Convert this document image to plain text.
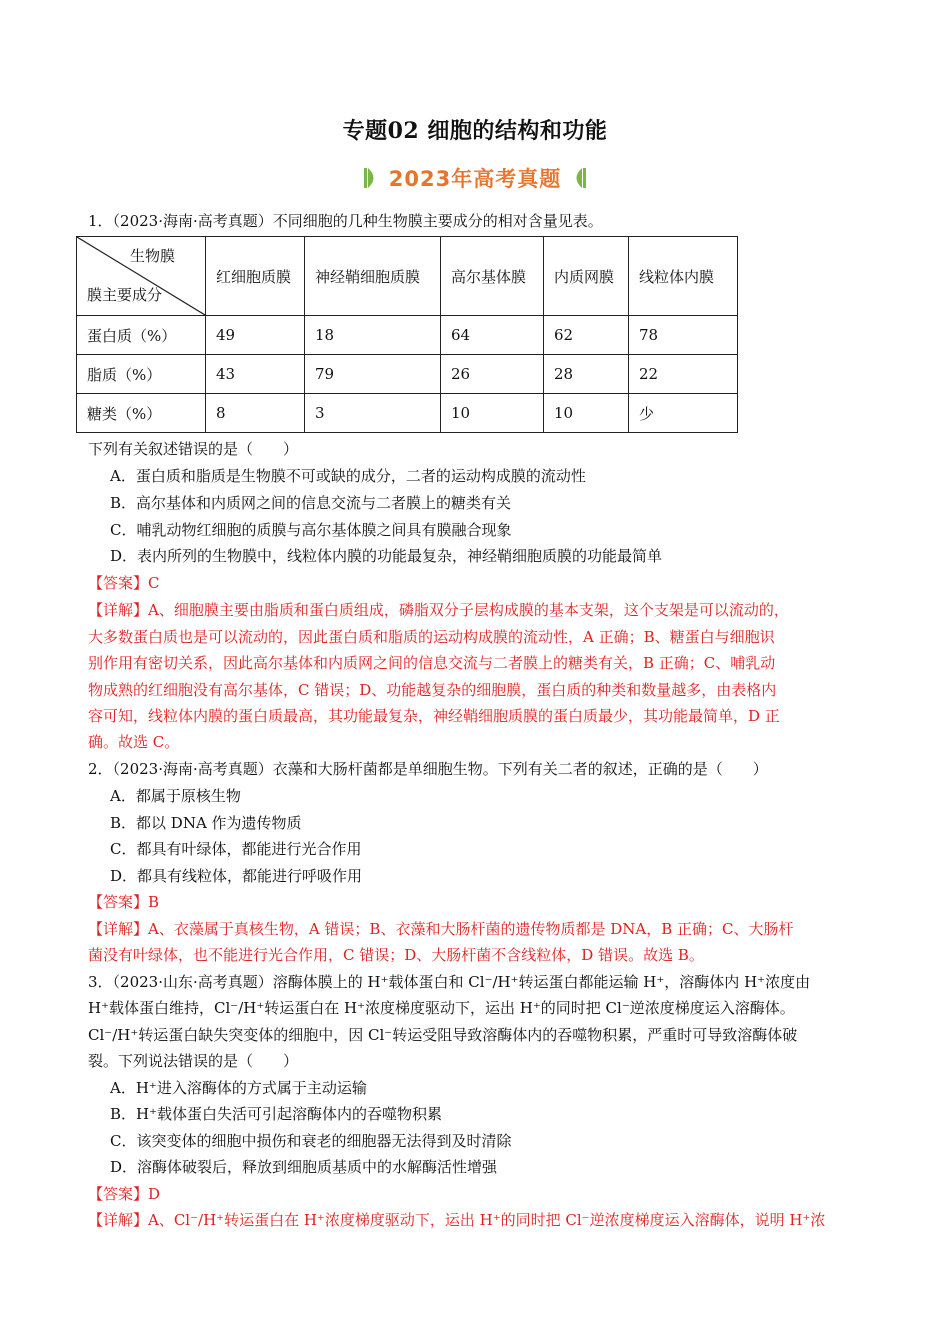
专题02 细胞的结构和功能
2023年高考真题
1．（2023·海南·高考真题）不同细胞的几种生物膜主要成分的相对含量见表。
生物膜
膜主要成分	红细胞质膜	神经鞘细胞质膜	高尔基体膜	内质网膜	线粒体内膜
蛋白质（%）	49	18	64	62	78
脂质（%）	43	79	26	28	22
糖类（%）	8	3	10	10	少
下列有关叙述错误的是（　　）
A．蛋白质和脂质是生物膜不可或缺的成分，二者的运动构成膜的流动性
B．高尔基体和内质网之间的信息交流与二者膜上的糖类有关
C．哺乳动物红细胞的质膜与高尔基体膜之间具有膜融合现象
D．表内所列的生物膜中，线粒体内膜的功能最复杂，神经鞘细胞质膜的功能最简单
【答案】C
【详解】A、细胞膜主要由脂质和蛋白质组成，磷脂双分子层构成膜的基本支架，这个支架是可以流动的，
大多数蛋白质也是可以流动的，因此蛋白质和脂质的运动构成膜的流动性，A 正确；B、糖蛋白与细胞识
别作用有密切关系，因此高尔基体和内质网之间的信息交流与二者膜上的糖类有关，B 正确；C、哺乳动
物成熟的红细胞没有高尔基体，C 错误；D、功能越复杂的细胞膜，蛋白质的种类和数量越多，由表格内
容可知，线粒体内膜的蛋白质最高，其功能最复杂，神经鞘细胞质膜的蛋白质最少，其功能最简单，D 正
确。故选 C。
2．（2023·海南·高考真题）衣藻和大肠杆菌都是单细胞生物。下列有关二者的叙述，正确的是（　　）
A．都属于原核生物
B．都以 DNA 作为遗传物质
C．都具有叶绿体，都能进行光合作用
D．都具有线粒体，都能进行呼吸作用
【答案】B
【详解】A、衣藻属于真核生物，A 错误；B、衣藻和大肠杆菌的遗传物质都是 DNA，B 正确；C、大肠杆
菌没有叶绿体，也不能进行光合作用，C 错误；D、大肠杆菌不含线粒体，D 错误。故选 B。
3．（2023·山东·高考真题）溶酶体膜上的 H⁺载体蛋白和 Cl⁻/H⁺转运蛋白都能运输 H⁺，溶酶体内 H⁺浓度由
H⁺载体蛋白维持，Cl⁻/H⁺转运蛋白在 H⁺浓度梯度驱动下，运出 H⁺的同时把 Cl⁻逆浓度梯度运入溶酶体。
Cl⁻/H⁺转运蛋白缺失突变体的细胞中，因 Cl⁻转运受阻导致溶酶体内的吞噬物积累，严重时可导致溶酶体破
裂。下列说法错误的是（　　）
A．H⁺进入溶酶体的方式属于主动运输
B．H⁺载体蛋白失活可引起溶酶体内的吞噬物积累
C．该突变体的细胞中损伤和衰老的细胞器无法得到及时清除
D．溶酶体破裂后，释放到细胞质基质中的水解酶活性增强
【答案】D
【详解】A、Cl⁻/H⁺转运蛋白在 H⁺浓度梯度驱动下，运出 H⁺的同时把 Cl⁻逆浓度梯度运入溶酶体，说明 H⁺浓
